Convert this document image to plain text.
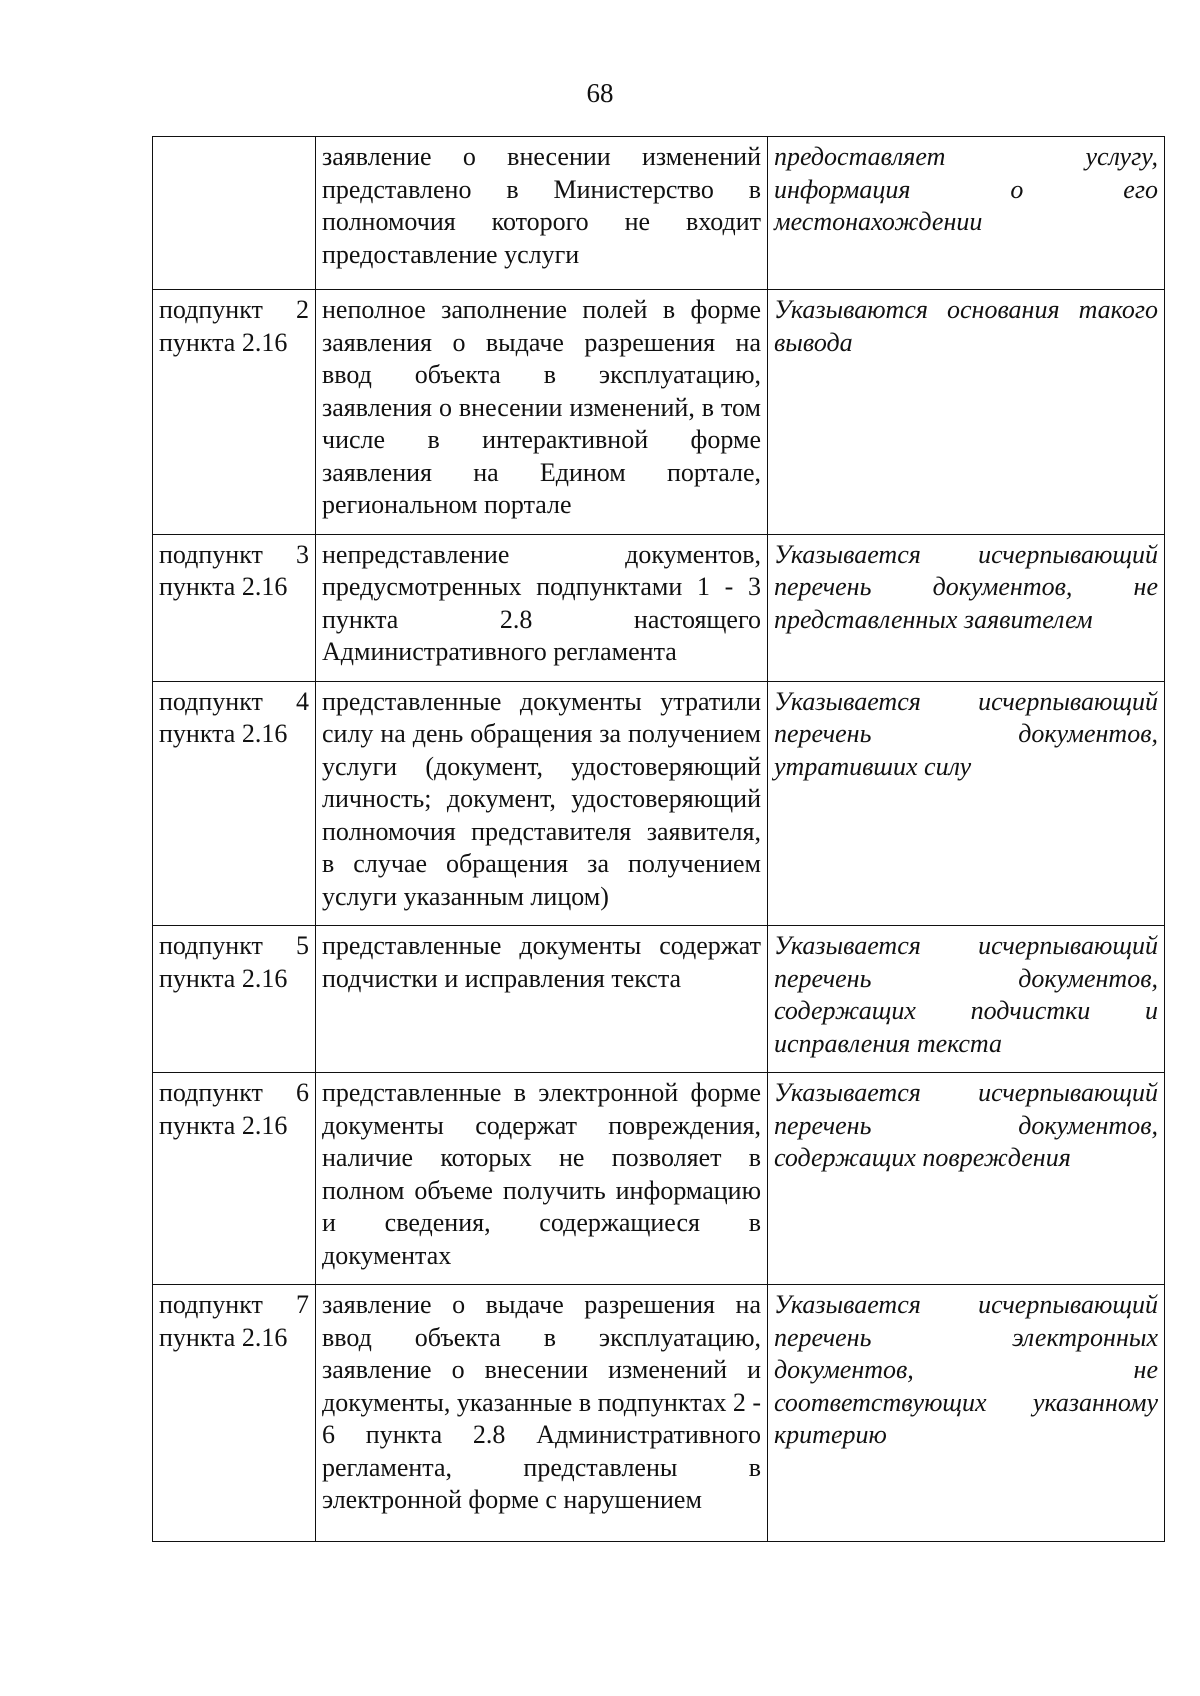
68
	заявление о внесении изменений представлено в Министерство в полномочия которого не входит предоставление услуги	предоставляет услугу, информация о его местонахождении

подпункт 2
пункта 2.16	неполное заполнение полей в форме заявления о выдаче разрешения на ввод объекта в эксплуатацию, заявления о внесении изменений, в том числе в интерактивной форме заявления на Едином портале, региональном портале	Указываются основания такого вывода

подпункт 3
пункта 2.16	непредставление документов, предусмотренных подпунктами 1 - 3 пункта 2.8 настоящего Административного регламента	Указывается исчерпывающий перечень документов, не представленных заявителем

подпункт 4
пункта 2.16	представленные документы утратили силу на день обращения за получением услуги (документ, удостоверяющий личность; документ, удостоверяющий полномочия представителя заявителя, в случае обращения за получением услуги указанным лицом)	Указывается исчерпывающий перечень документов, утративших силу

подпункт 5
пункта 2.16	представленные документы содержат подчистки и исправления текста	Указывается исчерпывающий перечень документов, содержащих подчистки и исправления текста

подпункт 6
пункта 2.16	представленные в электронной форме документы содержат повреждения, наличие которых не позволяет в полном объеме получить информацию и сведения, содержащиеся в документах	Указывается исчерпывающий перечень документов, содержащих повреждения

подпункт 7
пункта 2.16	заявление о выдаче разрешения на ввод объекта в эксплуатацию, заявление о внесении изменений и документы, указанные в подпунктах 2 - 6 пункта 2.8 Административного регламента, представлены в электронной форме с нарушением	Указывается исчерпывающий перечень электронных документов, не соответствующих указанному критерию
